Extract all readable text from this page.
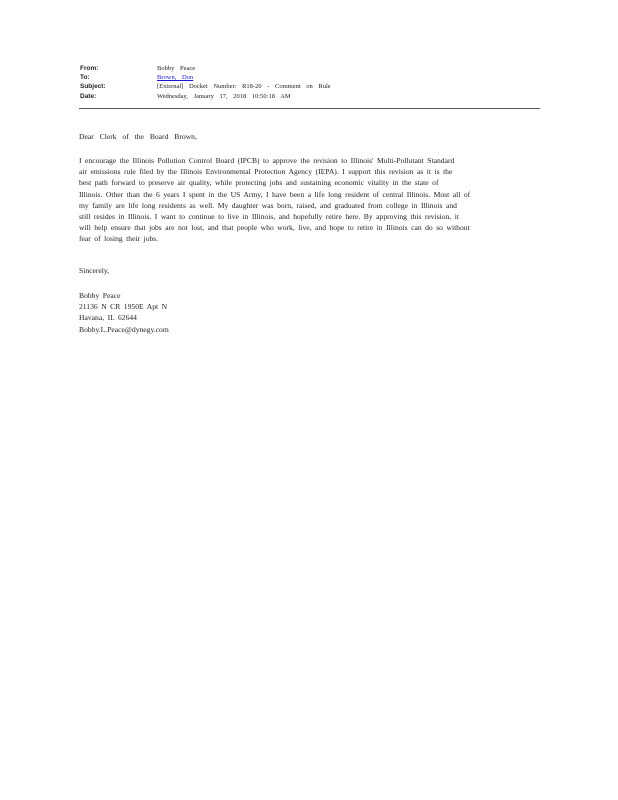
From:	Bobby Peace
To:	Brown, Don
Subject:	[External] Docket Number: R18-20 - Comment on Rule
Date:	Wednesday, January 17, 2018 10:50:18 AM
Dear Clerk of the Board Brown,
I encourage the Illinois Pollution Control Board (IPCB) to approve the revision to Illinois' Multi-Pollutant Standard
air emissions rule filed by the Illinois Environmental Protection Agency (IEPA). I support this revision as it is the
best path forward to preserve air quality, while protecting jobs and sustaining economic vitality in the state of
Illinois. Other than the 6 years I spent in the US Army, I have been a life long resident of central Illinois. Most all of
my family are life long residents as well. My daughter was born, raised, and graduated from college in Illinois and
still resides in Illinois. I want to continue to live in Illinois, and hopefully retire here. By approving this revision, it
will help ensure that jobs are not lost, and that people who work, live, and hope to retire in Illinois can do so without
fear of losing their jobs.
Sincerely,
Bobby Peace
21136 N CR 1950E Apt N
Havana, IL 62644
Bobby.L.Peace@dynegy.com
